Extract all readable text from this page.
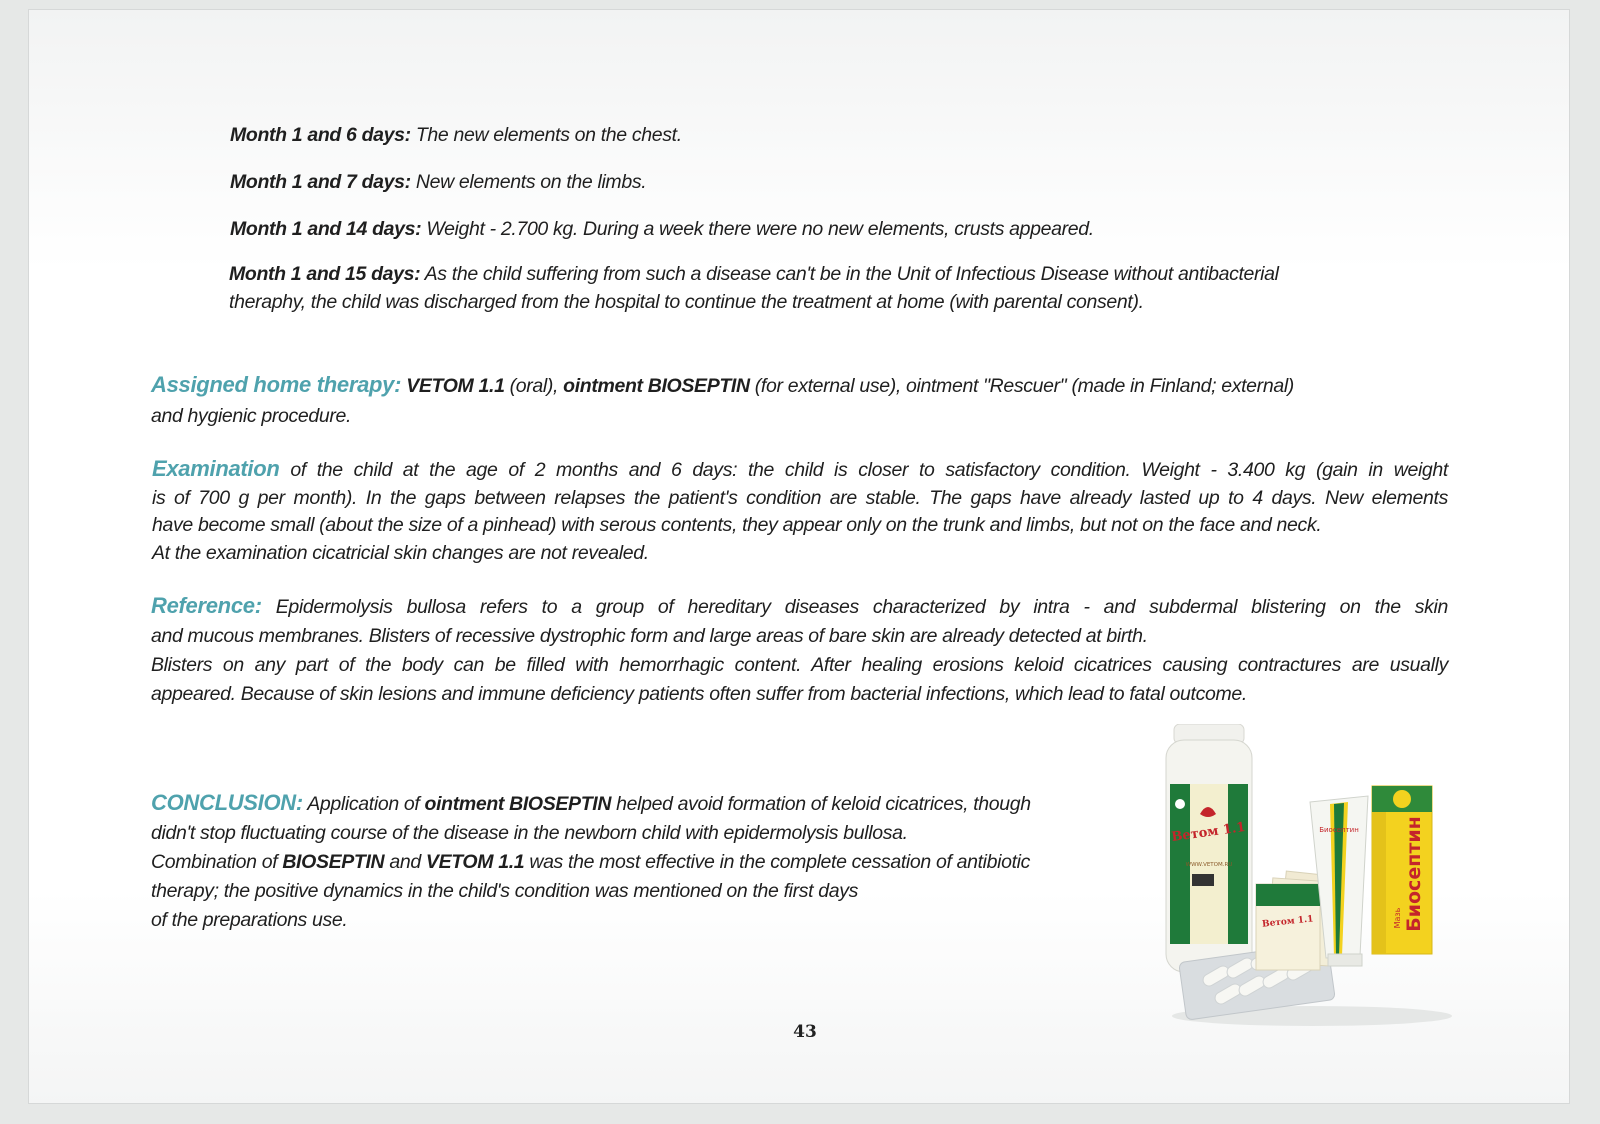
Month 1 and 6 days: The new elements on the chest.
Month 1 and 7 days: New elements on the limbs.
Month 1 and 14 days: Weight - 2.700 kg. During a week there were no new elements, crusts appeared.
Month 1 and 15 days: As the child suffering from such a disease can't be in the Unit of Infectious Disease without antibacterial
theraphy, the child was discharged from the hospital to continue the treatment at home (with parental consent).
Assigned home therapy: VETOM 1.1 (oral), ointment BIOSEPTIN (for external use), ointment "Rescuer" (made in Finland; external)
and hygienic procedure.
Examination of the child at the age of 2 months and 6 days: the child is closer to satisfactory condition. Weight - 3.400 kg (gain in weight
is of 700 g per month). In the gaps between relapses the patient's condition are stable. The gaps have already lasted up to 4 days. New elements
have become small (about the size of a pinhead) with serous contents, they appear only on the trunk and limbs, but not on the face and neck.
At the examination cicatricial skin changes are not revealed.
Reference: Epidermolysis bullosa refers to a group of hereditary diseases characterized by intra - and subdermal blistering on the skin
and mucous membranes. Blisters of recessive dystrophic form and large areas of bare skin are already detected at birth.
Blisters on any part of the body can be filled with hemorrhagic content. After healing erosions keloid cicatrices causing contractures are usually
appeared. Because of skin lesions and immune deficiency patients often suffer from bacterial infections, which lead to fatal outcome.
CONCLUSION: Application of ointment BIOSEPTIN helped avoid formation of keloid cicatrices, though
didn't stop fluctuating course of the disease in the newborn child with epidermolysis bullosa.
Combination of BIOSEPTIN and VETOM 1.1 was the most effective in the complete cessation of antibiotic
therapy; the positive dynamics in the child's condition was mentioned on the first days
of the preparations use.
Ветом 1.1
WWW.VETOM.RU
Ветом 1.1
Биосептин Биосептин
Мазь
43
